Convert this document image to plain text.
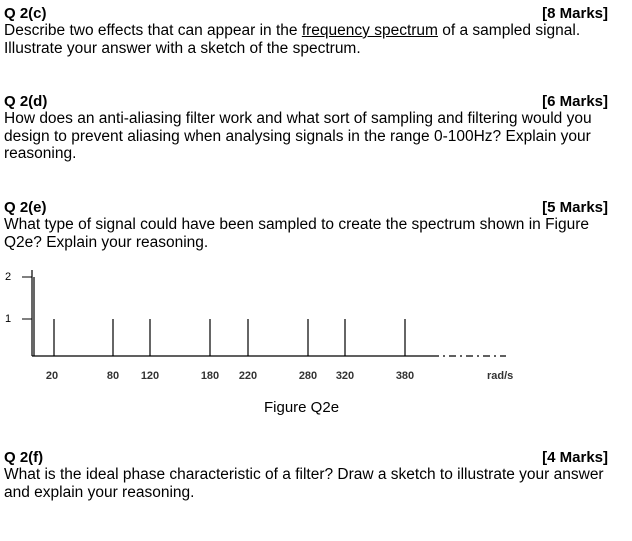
Q 2(c)	[8 Marks]
Describe two effects that can appear in the frequency spectrum of a sampled signal.
Illustrate your answer with a sketch of the spectrum.
Q 2(d)	[6 Marks]
How does an anti-aliasing filter work and what sort of sampling and filtering would you design to prevent aliasing when analysing signals in the range 0-100Hz? Explain your reasoning.
Q 2(e)	[5 Marks]
What type of signal could have been sampled to create the spectrum shown in Figure Q2e? Explain your reasoning.
1
2
20	80 120	180 220	280 320	380	rad/s
Figure Q2e
Q 2(f)	[4 Marks]
What is the ideal phase characteristic of a filter? Draw a sketch to illustrate your answer and explain your reasoning.
